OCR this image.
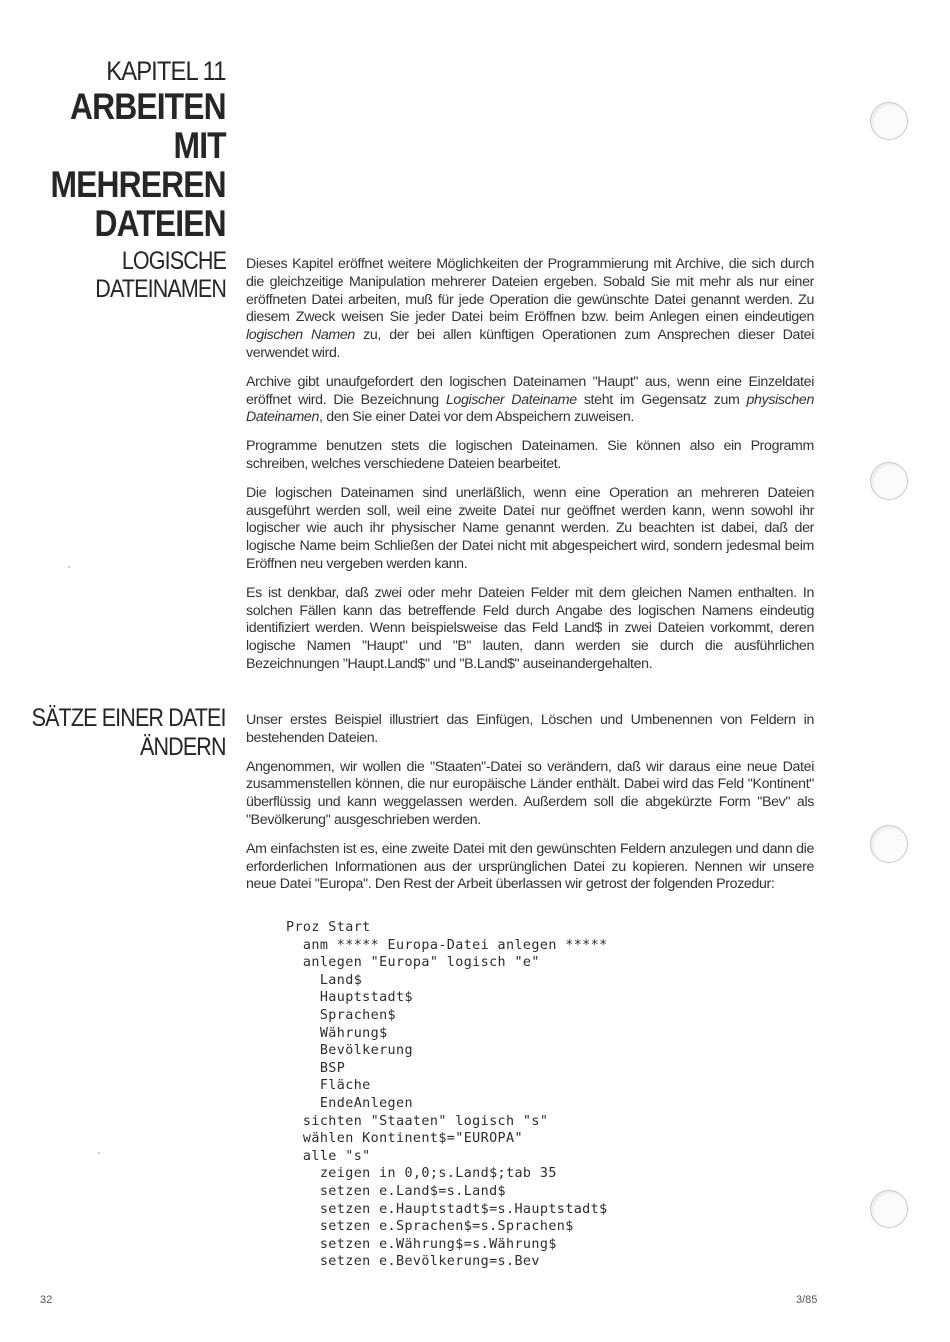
KAPITEL 11
ARBEITEN
MIT
MEHREREN
DATEIEN
LOGISCHE
DATEINAMEN

Dieses Kapitel eröffnet weitere Möglichkeiten der Programmierung mit Archive, die sich durch die gleichzeitige Manipulation mehrerer Dateien ergeben. Sobald Sie mit mehr als nur einer eröffneten Datei arbeiten, muß für jede Operation die gewünschte Datei genannt werden. Zu diesem Zweck weisen Sie jeder Datei beim Eröffnen bzw. beim Anlegen einen eindeutigen logischen Namen zu, der bei allen künftigen Operationen zum Ansprechen dieser Datei verwendet wird.

Archive gibt unaufgefordert den logischen Dateinamen "Haupt" aus, wenn eine Einzeldatei eröffnet wird. Die Bezeichnung Logischer Dateiname steht im Gegensatz zum physischen Dateinamen, den Sie einer Datei vor dem Abspeichern zuweisen.

Programme benutzen stets die logischen Dateinamen. Sie können also ein Programm schreiben, welches verschiedene Dateien bearbeitet.

Die logischen Dateinamen sind unerläßlich, wenn eine Operation an mehreren Dateien ausgeführt werden soll, weil eine zweite Datei nur geöffnet werden kann, wenn sowohl ihr logischer wie auch ihr physischer Name genannt werden. Zu beachten ist dabei, daß der logische Name beim Schließen der Datei nicht mit abgespeichert wird, sondern jedesmal beim Eröffnen neu vergeben werden kann.

Es ist denkbar, daß zwei oder mehr Dateien Felder mit dem gleichen Namen enthalten. In solchen Fällen kann das betreffende Feld durch Angabe des logischen Namens eindeutig identifiziert werden. Wenn beispielsweise das Feld Land$ in zwei Dateien vorkommt, deren logische Namen "Haupt" und "B" lauten, dann werden sie durch die ausführlichen Bezeichnungen "Haupt.Land$" und "B.Land$" auseinandergehalten.

SÄTZE EINER DATEI
ÄNDERN

Unser erstes Beispiel illustriert das Einfügen, Löschen und Umbenennen von Feldern in bestehenden Dateien.

Angenommen, wir wollen die "Staaten"-Datei so verändern, daß wir daraus eine neue Datei zusammenstellen können, die nur europäische Länder enthält. Dabei wird das Feld "Kontinent" überflüssig und kann weggelassen werden. Außerdem soll die abgekürzte Form "Bev" als "Bevölkerung" ausgeschrieben werden.

Am einfachsten ist es, eine zweite Datei mit den gewünschten Feldern anzulegen und dann die erforderlichen Informationen aus der ursprünglichen Datei zu kopieren. Nennen wir unsere neue Datei "Europa". Den Rest der Arbeit überlassen wir getrost der folgenden Prozedur:

Proz Start
anm ***** Europa-Datei anlegen *****
anlegen "Europa" logisch "e"
Land$
Hauptstadt$
Sprachen$
Währung$
Bevölkerung
BSP
Fläche
EndeAnlegen
sichten "Staaten" logisch "s"
wählen Kontinent$="EUROPA"
alle "s"
zeigen in 0,0;s.Land$;tab 35
setzen e.Land$=s.Land$
setzen e.Hauptstadt$=s.Hauptstadt$
setzen e.Sprachen$=s.Sprachen$
setzen e.Währung$=s.Währung$
setzen e.Bevölkerung=s.Bev

32	3/85
